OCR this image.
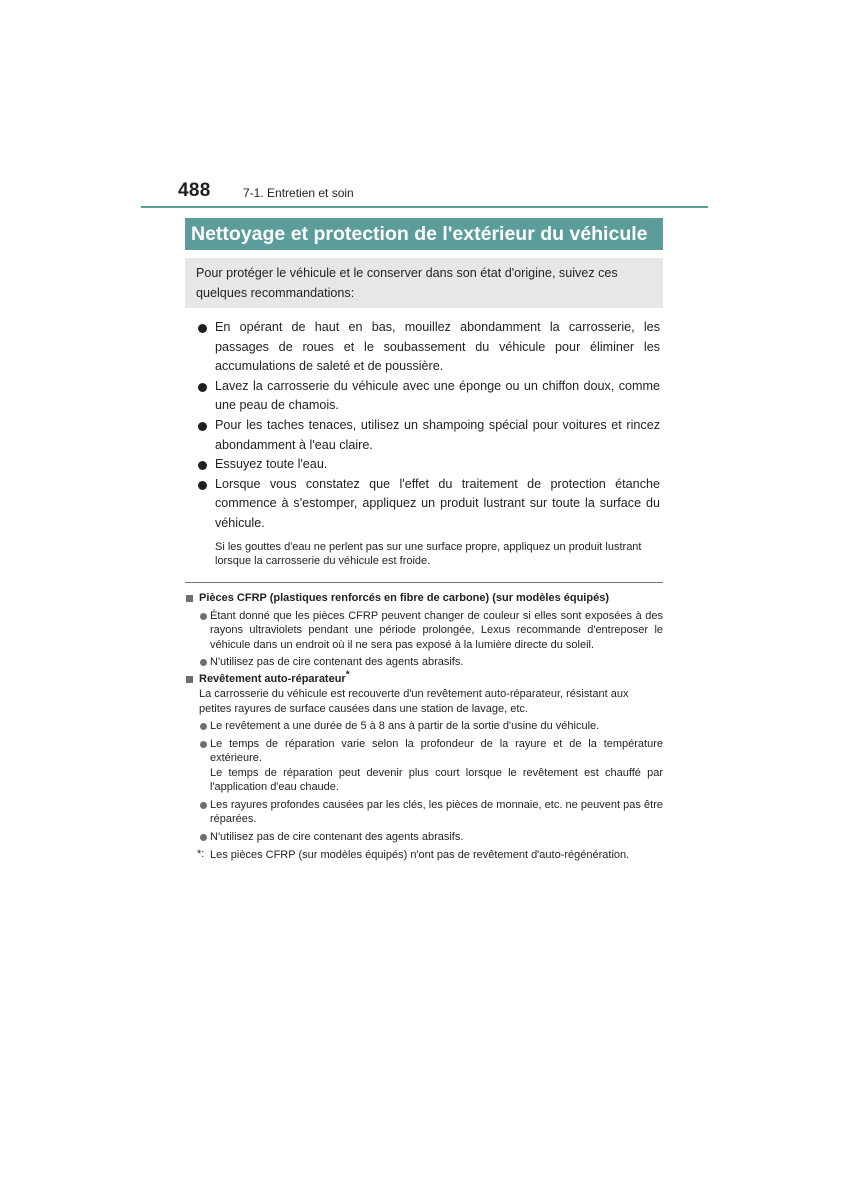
488	7-1. Entretien et soin
Nettoyage et protection de l'extérieur du véhicule
Pour protéger le véhicule et le conserver dans son état d'origine, suivez ces quelques recommandations:
En opérant de haut en bas, mouillez abondamment la carrosserie, les passages de roues et le soubassement du véhicule pour éliminer les accumulations de saleté et de poussière.
Lavez la carrosserie du véhicule avec une éponge ou un chiffon doux, comme une peau de chamois.
Pour les taches tenaces, utilisez un shampoing spécial pour voitures et rincez abondamment à l'eau claire.
Essuyez toute l'eau.
Lorsque vous constatez que l'effet du traitement de protection étanche commence à s'estomper, appliquez un produit lustrant sur toute la surface du véhicule.
Si les gouttes d'eau ne perlent pas sur une surface propre, appliquez un produit lustrant lorsque la carrosserie du véhicule est froide.
Pièces CFRP (plastiques renforcés en fibre de carbone) (sur modèles équipés)
Étant donné que les pièces CFRP peuvent changer de couleur si elles sont exposées à des rayons ultraviolets pendant une période prolongée, Lexus recommande d'entreposer le véhicule dans un endroit où il ne sera pas exposé à la lumière directe du soleil.
N'utilisez pas de cire contenant des agents abrasifs.
Revêtement auto-réparateur*
La carrosserie du véhicule est recouverte d'un revêtement auto-réparateur, résistant aux petites rayures de surface causées dans une station de lavage, etc.
Le revêtement a une durée de 5 à 8 ans à partir de la sortie d'usine du véhicule.
Le temps de réparation varie selon la profondeur de la rayure et de la température extérieure.
Le temps de réparation peut devenir plus court lorsque le revêtement est chauffé par l'application d'eau chaude.
Les rayures profondes causées par les clés, les pièces de monnaie, etc. ne peuvent pas être réparées.
N'utilisez pas de cire contenant des agents abrasifs.
*: Les pièces CFRP (sur modèles équipés) n'ont pas de revêtement d'auto-régénération.
